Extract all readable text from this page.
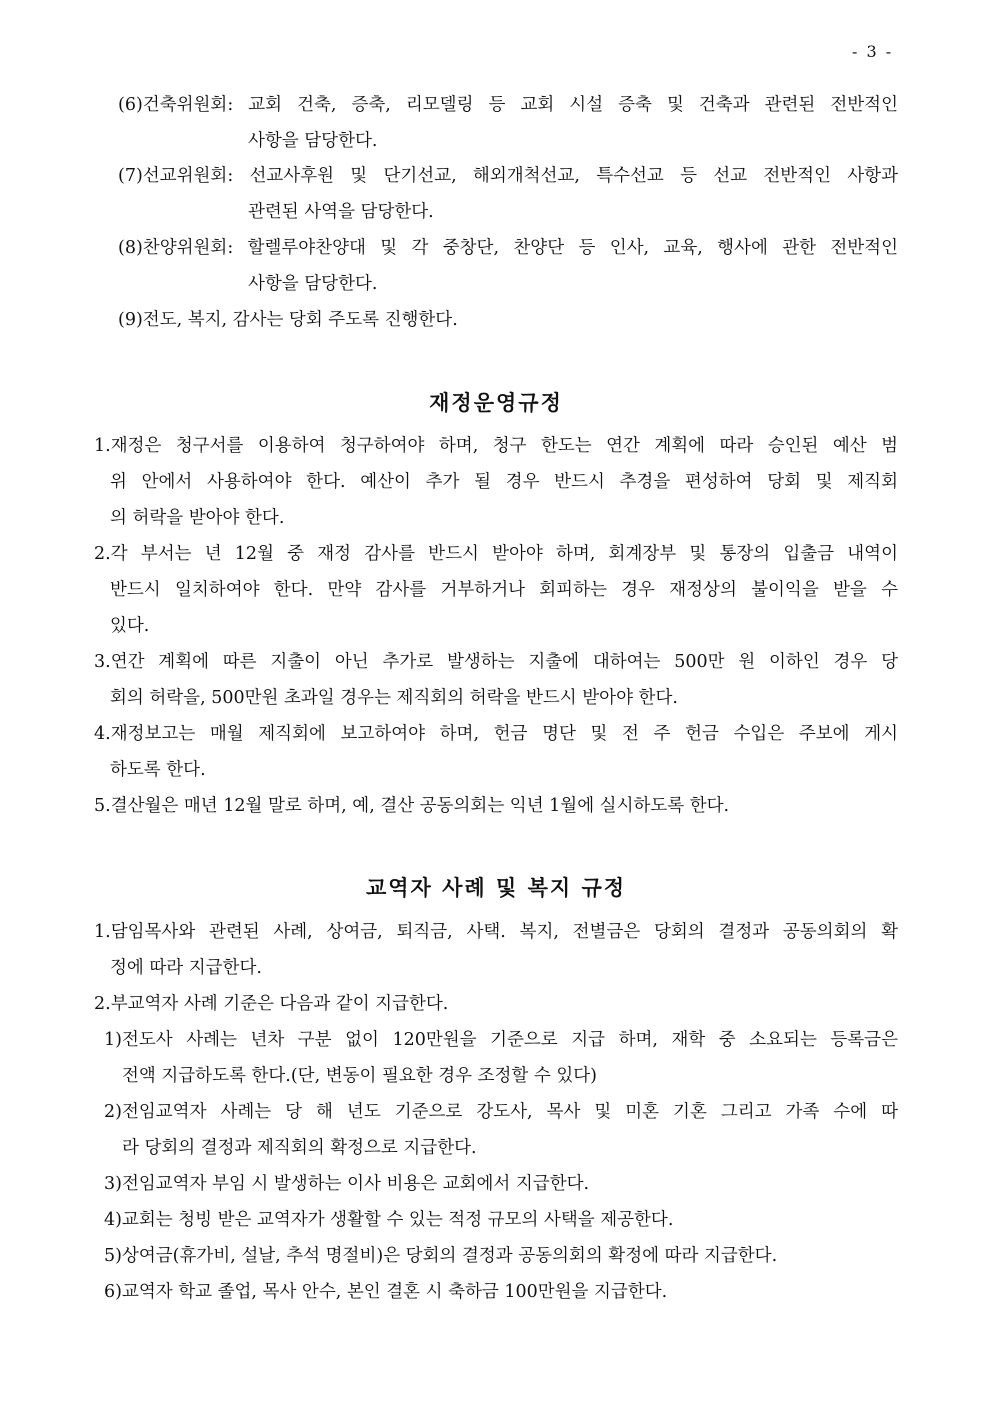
- 3 -
(6)건축위원회: 교회 건축, 증축, 리모델링 등 교회 시설 증축 및 건축과 관련된 전반적인
사항을 담당한다.
(7)선교위원회: 선교사후원 및 단기선교, 해외개척선교, 특수선교 등 선교 전반적인 사항과
관련된 사역을 담당한다.
(8)찬양위원회: 할렐루야찬양대 및 각 중창단, 찬양단 등 인사, 교육, 행사에 관한 전반적인
사항을 담당한다.
(9)전도, 복지, 감사는 당회 주도록 진행한다.
재정운영규정
1.재정은 청구서를 이용하여 청구하여야 하며, 청구 한도는 연간 계획에 따라 승인된 예산 범
위 안에서 사용하여야 한다. 예산이 추가 될 경우 반드시 추경을 편성하여 당회 및 제직회
의 허락을 받아야 한다.
2.각 부서는 년 12월 중 재정 감사를 반드시 받아야 하며, 회계장부 및 통장의 입출금 내역이
반드시 일치하여야 한다. 만약 감사를 거부하거나 회피하는 경우 재정상의 불이익을 받을 수
있다.
3.연간 계획에 따른 지출이 아닌 추가로 발생하는 지출에 대하여는 500만 원 이하인 경우 당
회의 허락을, 500만원 초과일 경우는 제직회의 허락을 반드시 받아야 한다.
4.재정보고는 매월 제직회에 보고하여야 하며, 헌금 명단 및 전 주 헌금 수입은 주보에 게시
하도록 한다.
5.결산월은 매년 12월 말로 하며, 예, 결산 공동의회는 익년 1월에 실시하도록 한다.
교역자 사례 및 복지 규정
1.담임목사와 관련된 사례, 상여금, 퇴직금, 사택. 복지, 전별금은 당회의 결정과 공동의회의 확
정에 따라 지급한다.
2.부교역자 사례 기준은 다음과 같이 지급한다.
1)전도사 사례는 년차 구분 없이 120만원을 기준으로 지급 하며, 재학 중 소요되는 등록금은
전액 지급하도록 한다.(단, 변동이 필요한 경우 조정할 수 있다)
2)전임교역자 사례는 당 해 년도 기준으로 강도사, 목사 및 미혼 기혼 그리고 가족 수에 따
라 당회의 결정과 제직회의 확정으로 지급한다.
3)전임교역자 부임 시 발생하는 이사 비용은 교회에서 지급한다.
4)교회는 청빙 받은 교역자가 생활할 수 있는 적정 규모의 사택을 제공한다.
5)상여금(휴가비, 설날, 추석 명절비)은 당회의 결정과 공동의회의 확정에 따라 지급한다.
6)교역자 학교 졸업, 목사 안수, 본인 결혼 시 축하금 100만원을 지급한다.
